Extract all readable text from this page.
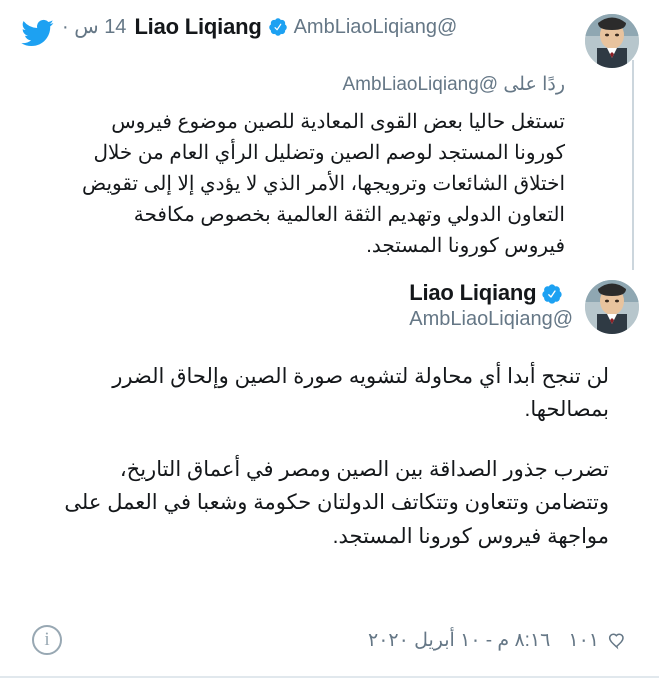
14 س · Liao Liqiang @AmbLiaoLiqiang
ردًا على @AmbLiaoLiqiang
تستغل حاليا بعض القوى المعادية للصين موضوع فيروس كورونا المستجد لوصم الصين وتضليل الرأي العام من خلال اختلاق الشائعات وترويجها، الأمر الذي لا يؤدي إلا إلى تقويض التعاون الدولي وتهديم الثقة العالمية بخصوص مكافحة فيروس كورونا المستجد.
Liao Liqiang
@AmbLiaoLiqiang
لن تنجح أبدا أي محاولة لتشويه صورة الصين وإلحاق الضرر بمصالحها.
تضرب جذور الصداقة بين الصين ومصر في أعماق التاريخ، وتتضامن وتتعاون وتتكاتف الدولتان حكومة وشعبا في العمل على مواجهة فيروس كورونا المستجد.
i	١٠١
٨:١٦ م - ١٠ أبريل ٢٠٢٠
